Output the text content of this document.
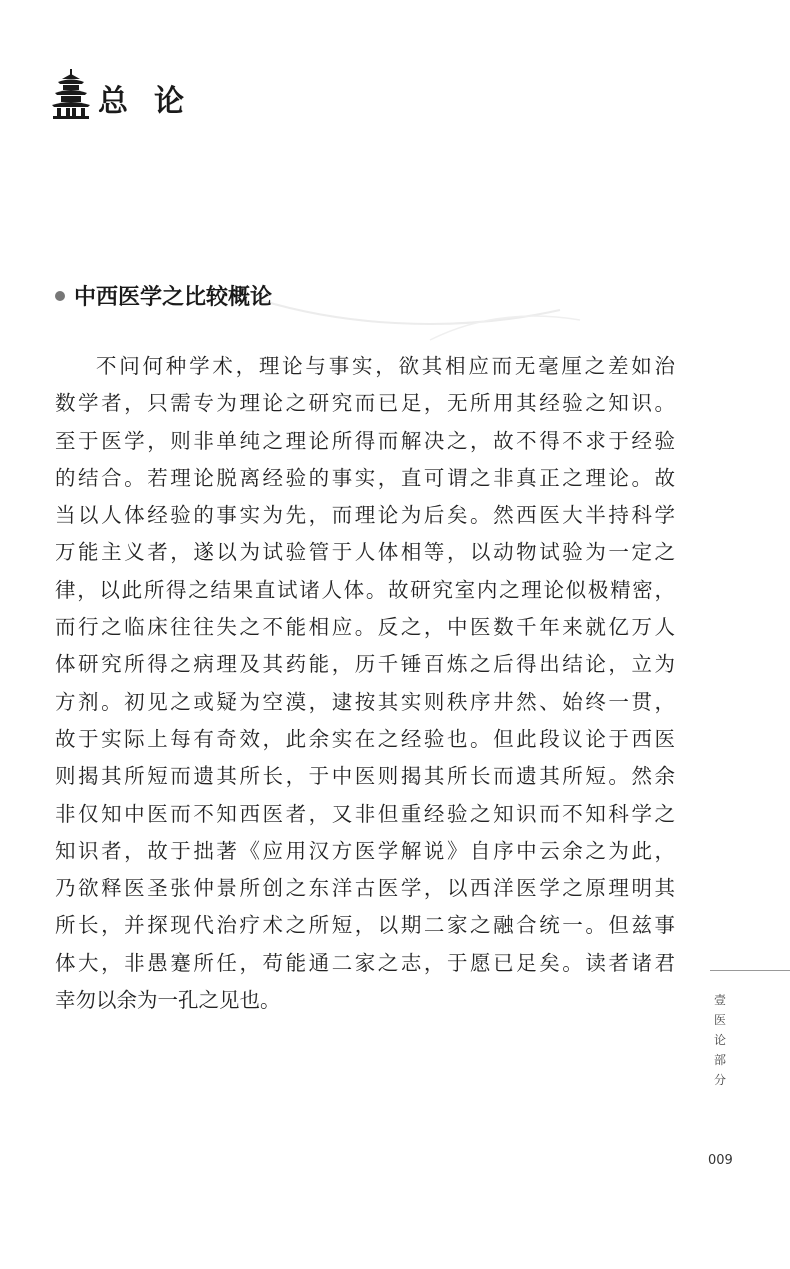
总论
中西医学之比较概论
不问何种学术，理论与事实，欲其相应而无毫厘之差如治
数学者，只需专为理论之研究而已足，无所用其经验之知识。
至于医学，则非单纯之理论所得而解决之，故不得不求于经验
的结合。若理论脱离经验的事实，直可谓之非真正之理论。故
当以人体经验的事实为先，而理论为后矣。然西医大半持科学
万能主义者，遂以为试验管于人体相等，以动物试验为一定之
律，以此所得之结果直试诸人体。故研究室内之理论似极精密，
而行之临床往往失之不能相应。反之，中医数千年来就亿万人
体研究所得之病理及其药能，历千锤百炼之后得出结论，立为
方剂。初见之或疑为空漠，逮按其实则秩序井然、始终一贯，
故于实际上每有奇效，此余实在之经验也。但此段议论于西医
则揭其所短而遗其所长，于中医则揭其所长而遗其所短。然余
非仅知中医而不知西医者，又非但重经验之知识而不知科学之
知识者，故于拙著《应用汉方医学解说》自序中云余之为此，
乃欲释医圣张仲景所创之东洋古医学，以西洋医学之原理明其
所长，并探现代治疗术之所短，以期二家之融合统一。但兹事
体大，非愚蹇所任，苟能通二家之志，于愿已足矣。读者诸君
幸勿以余为一孔之见也。	壹
医
论
部
分
009
